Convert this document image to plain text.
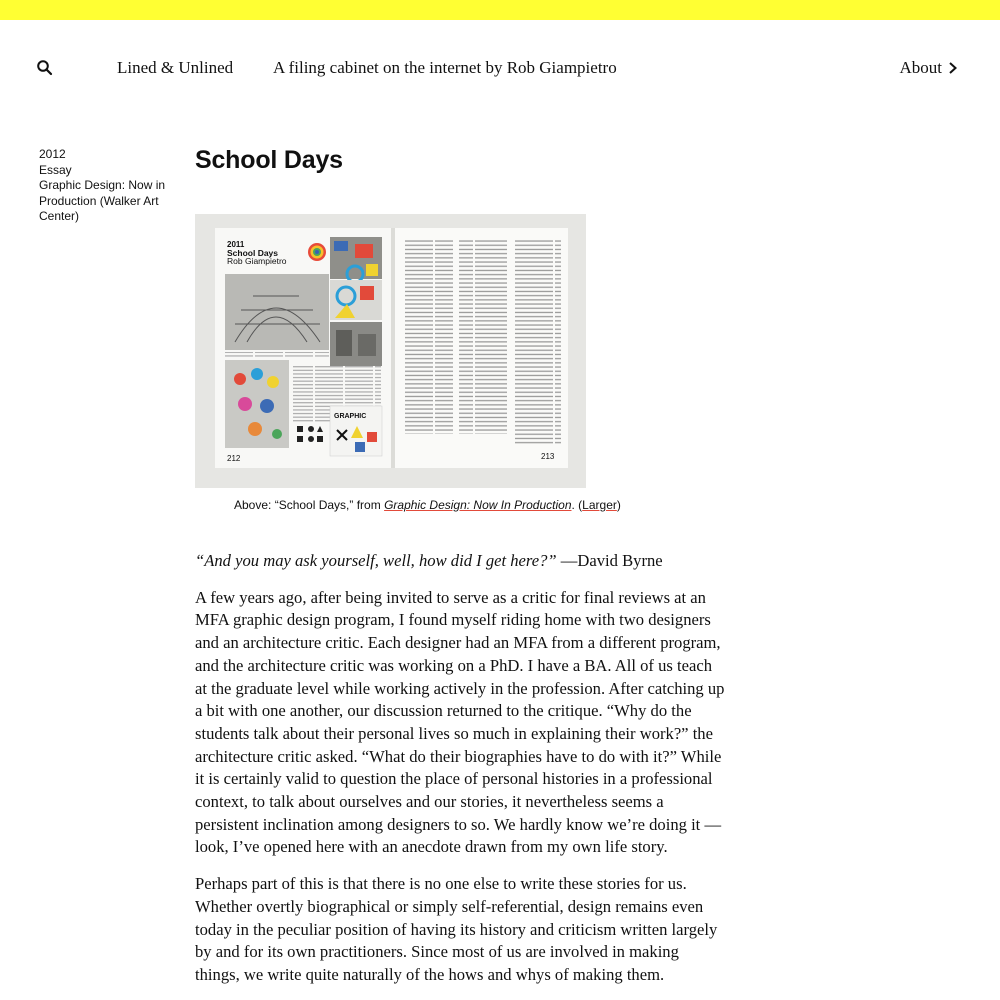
Lined & Unlined A filing cabinet on the internet by Rob Giampietro	About
2012
Essay
Graphic Design: Now in Production (Walker Art Center)
School Days
2011
School Days
Rob Giampietro
GRAPHIC
212	213
Above: “School Days,” from Graphic Design: Now In Production. (Larger)

“And you may ask yourself, well, how did I get here?” —David Byrne

A few years ago, after being invited to serve as a critic for final reviews at an MFA graphic design program, I found myself riding home with two designers and an architecture critic. Each designer had an MFA from a different program, and the architecture critic was working on a PhD. I have a BA. All of us teach at the graduate level while working actively in the profession. After catching up a bit with one another, our discussion returned to the critique. “Why do the students talk about their personal lives so much in explaining their work?” the architecture critic asked. “What do their biographies have to do with it?” While it is certainly valid to question the place of personal histories in a professional context, to talk about ourselves and our stories, it nevertheless seems a persistent inclination among designers to so. We hardly know we’re doing it — look, I’ve opened here with an anecdote drawn from my own life story.

Perhaps part of this is that there is no one else to write these stories for us. Whether overtly biographical or simply self-referential, design remains even today in the peculiar position of having its history and criticism written largely by and for its own practitioners. Since most of us are involved in making things, we write quite naturally of the hows and whys of making them.
